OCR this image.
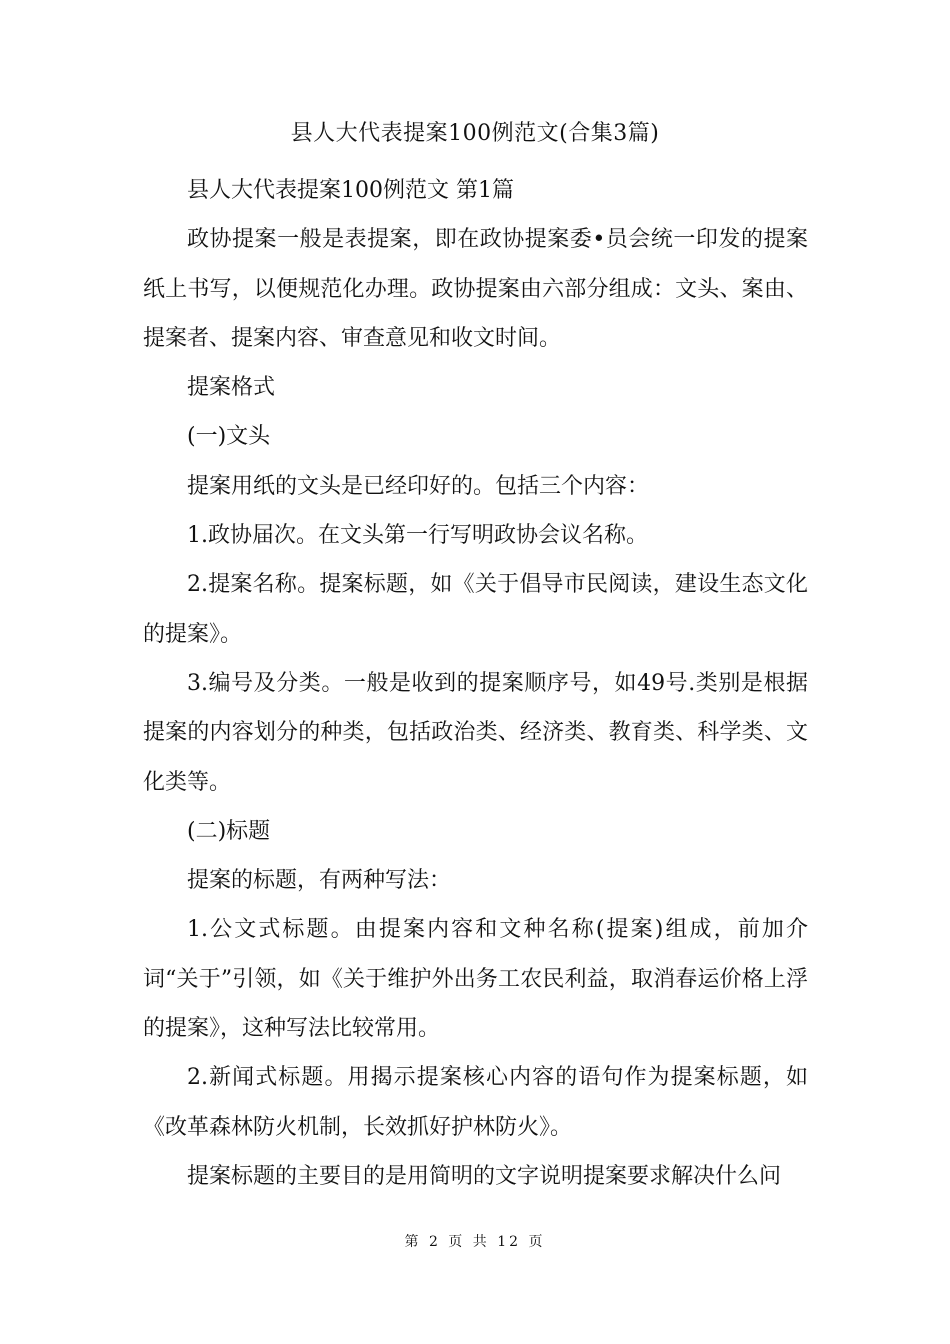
县人大代表提案100例范文(合集3篇)

县人大代表提案100例范文 第1篇

政协提案一般是表提案，即在政协提案委•员会统一印发的提案纸上书写，以便规范化办理。政协提案由六部分组成：文头、案由、提案者、提案内容、审查意见和收文时间。

提案格式

(一)文头

提案用纸的文头是已经印好的。包括三个内容：

1.政协届次。在文头第一行写明政协会议名称。

2.提案名称。提案标题，如《关于倡导市民阅读，建设生态文化的提案》。

3.编号及分类。一般是收到的提案顺序号，如49号.类别是根据提案的内容划分的种类，包括政治类、经济类、教育类、科学类、文化类等。

(二)标题

提案的标题，有两种写法：

1.公文式标题。由提案内容和文种名称(提案)组成，前加介词“关于”引领，如《关于维护外出务工农民利益，取消春运价格上浮的提案》，这种写法比较常用。

2.新闻式标题。用揭示提案核心内容的语句作为提案标题，如《改革森林防火机制，长效抓好护林防火》。

提案标题的主要目的是用简明的文字说明提案要求解决什么问

第 2 页 共 12 页
